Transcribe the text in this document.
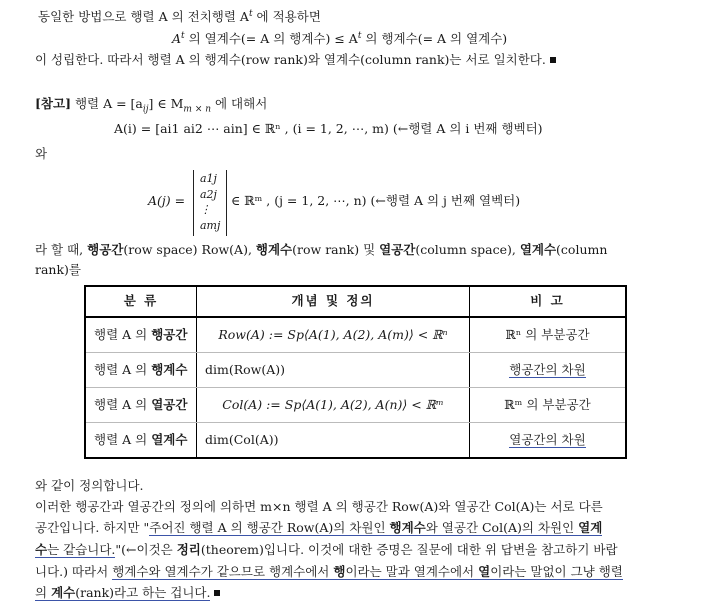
동일한 방법으로 행렬 A 의 전치행렬 $A^t$ 에 적용하면
$A^t$ 의 열계수(= A 의 행계수) ≤ $A^t$ 의 행계수(= A 의 열계수)
이 성립한다. 따라서 행렬 A 의 행계수(row rank)와 열계수(column rank)는 서로 일치한다.
[참고] 행렬 $A = [a_{ij}]$ ∈ $M_{m \times n}$ 에 대해서
A(i) = [ai1 ai2 ⋯ ain] ∈ ℝⁿ , (i = 1, 2, ⋯, m) (←행렬 A 의 i 번째 행벡터)
와
A(j) =
a1j
a2j
⋮
amj
∈ ℝᵐ , (j = 1, 2, ⋯, n) (←행렬 A 의 j 번째 열벡터)
라 할 때, 행공간(row space) Row(A), 행계수(row rank) 및 열공간(column space), 열계수(column
rank)를
분 류	개념 및 정의	비 고
행렬 A 의 행공간	Row(A) := Sp⟨A(1), A(2), A(m)⟩ < ℝⁿ	ℝⁿ 의 부분공간
행렬 A 의 행계수	dim(Row(A))	행공간의 차원
행렬 A 의 열공간	Col(A) := Sp⟨A(1), A(2), A(n)⟩ < ℝᵐ	ℝᵐ 의 부분공간
행렬 A 의 열계수	dim(Col(A))	열공간의 차원
와 같이 정의합니다.
이러한 행공간과 열공간의 정의에 의하면 m×n 행렬 A 의 행공간 Row(A)와 열공간 Col(A)는 서로 다른
공간입니다. 하지만 "주어진 행렬 A 의 행공간 Row(A)의 차원인 행계수와 열공간 Col(A)의 차원인 열계
수는 같습니다."(←이것은 정리(theorem)입니다. 이것에 대한 증명은 질문에 대한 위 답변을 참고하기 바랍
니다.) 따라서 행계수와 열계수가 같으므로 행계수에서 행이라는 말과 열계수에서 열이라는 말없이 그냥 행렬
의 계수(rank)라고 하는 겁니다.
